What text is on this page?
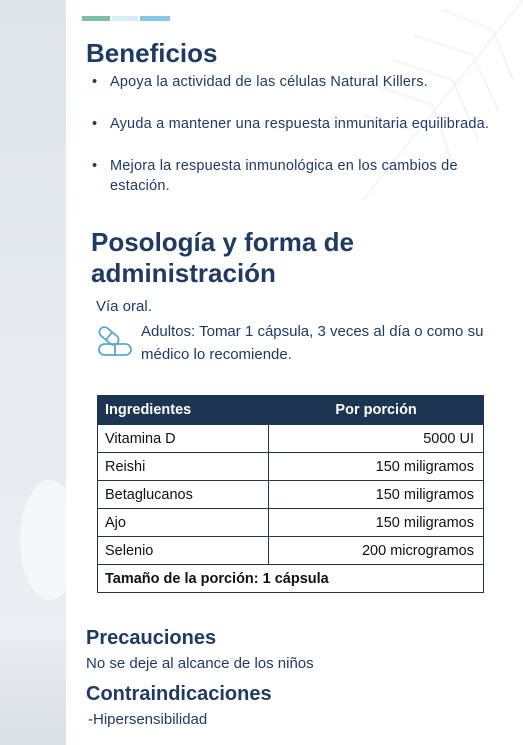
Beneficios
• Apoya la actividad de las células Natural Killers.
• Ayuda a mantener una respuesta inmunitaria equilibrada.
• Mejora la respuesta inmunológica en los cambios de estación.
Posología y forma de administración
Vía oral.
Adultos: Tomar 1 cápsula, 3 veces al día o como su médico lo recomiende.
Ingredientes	Por porción
Vitamina D	5000 UI
Reishi	150 miligramos
Betaglucanos	150 miligramos
Ajo	150 miligramos
Selenio	200 microgramos
Tamaño de la porción: 1 cápsula	
Precauciones
No se deje al alcance de los niños
Contraindicaciones
-Hipersensibilidad
